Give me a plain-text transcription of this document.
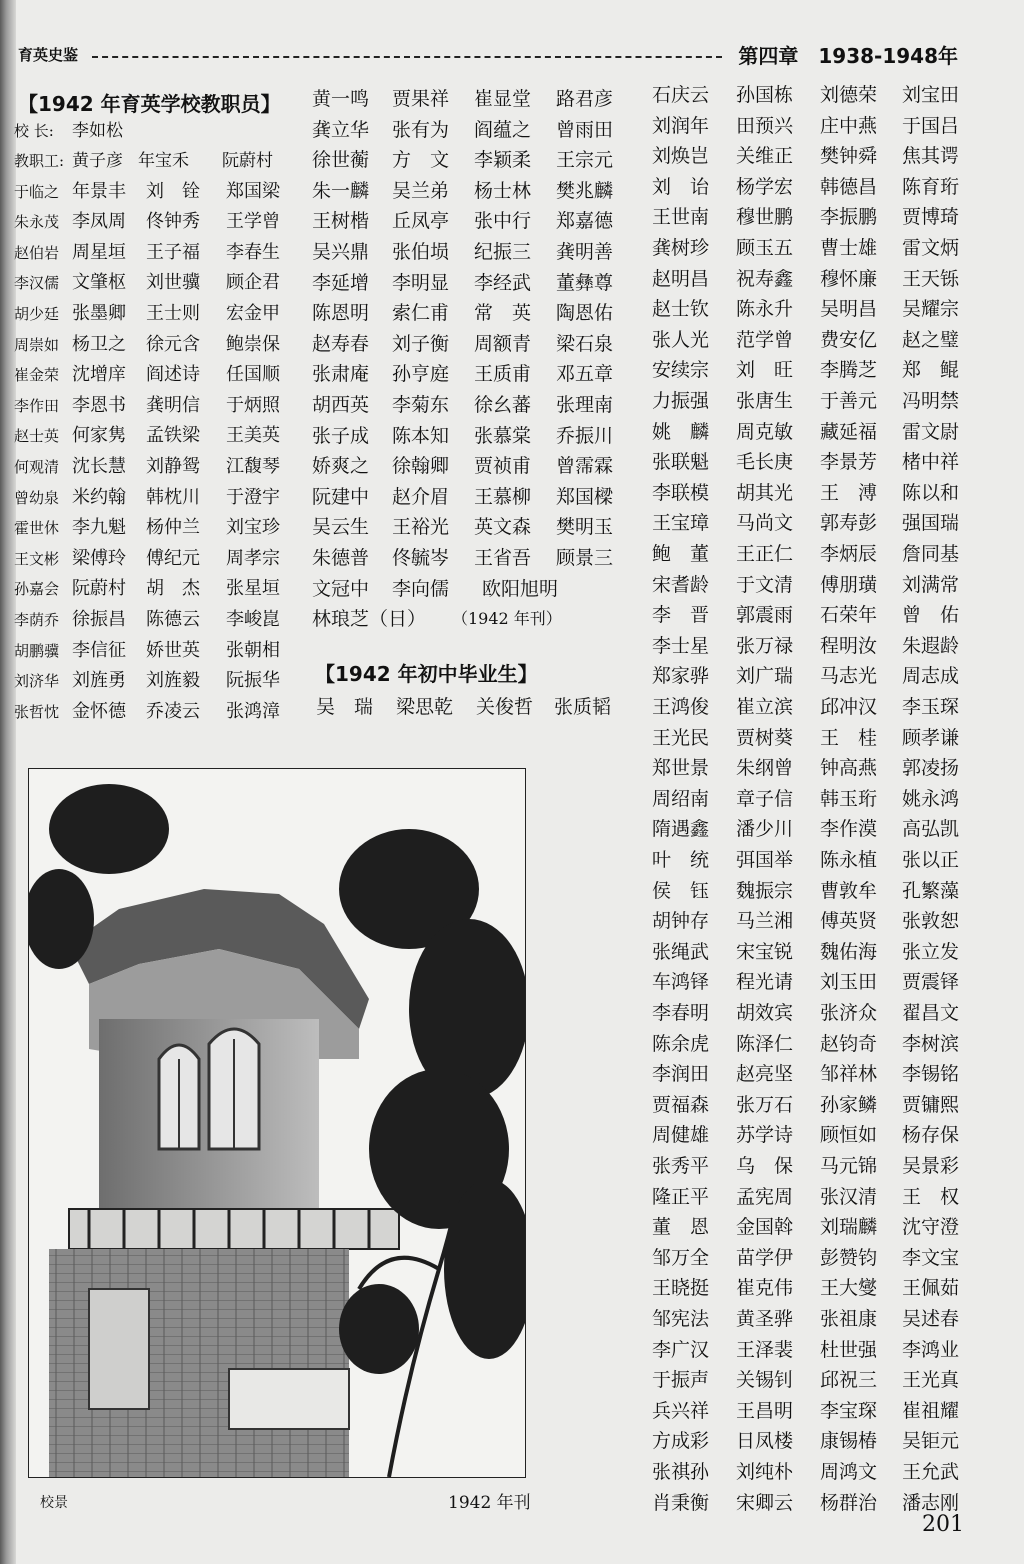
育英史鉴	第四章　1938-1948年
【1942 年育英学校教职员】
校 长: 李如松
教职工: 黄子彦 年宝禾 阮蔚村
于临之 年景丰 刘　铨 郑国梁
朱永茂 李凤周 佟钟秀 王学曾
赵伯岩 周星垣 王子福 李春生
李汉儒 文肇枢 刘世骥 顾企君
胡少廷 张墨卿 王士则 宏金甲
周崇如 杨卫之 徐元含 鲍崇保
崔金荣 沈增庠 阎述诗 任国顺
李作田 李恩书 龚明信 于炳照
赵士英 何家隽 孟铁梁 王美英
何观清 沈长慧 刘静鸳 江馥琴
曾幼泉 米约翰 韩枕川 于澄宇
霍世休 李九魁 杨仲兰 刘宝珍
王文彬 梁傅玲 傅纪元 周孝宗
孙嘉会 阮蔚村 胡　杰 张星垣
李荫乔 徐振昌 陈德云 李峻崑
胡鹏骥 李信征 娇世英 张朝相
刘济华 刘旌勇 刘旌毅 阮振华
张哲忱 金怀德 乔凌云 张鸿漳
黄一鸣 贾果祥 崔显堂 路君彦
龚立华 张有为 阎蕴之 曾雨田
徐世蘅 方　文 李颖柔 王宗元
朱一麟 吴兰弟 杨士林 樊兆麟
王树楷 丘凤亭 张中行 郑嘉德
吴兴鼎 张伯埙 纪振三 龚明善
李延增 李明显 李经武 董彝尊
陈恩明 索仁甫 常　英 陶恩佑
赵寿春 刘子衡 周额青 梁石泉
张肃庵 孙亨庭 王质甫 邓五章
胡西英 李菊东 徐幺蕃 张理南
张子成 陈本知 张慕棠 乔振川
娇爽之 徐翰卿 贾祯甫 曾霈霖
阮建中 赵介眉 王慕柳 郑国樑
吴云生 王裕光 英文森 樊明玉
朱德普 佟毓岑 王省吾 顾景三
文冠中 李向儒 欧阳旭明
林琅芝（日） （1942 年刊）
【1942 年初中毕业生】
吴　瑞 梁思乾 关俊哲 张质韬
石庆云 孙国栋 刘德荣 刘宝田
刘润年 田预兴 庄中燕 于国吕
刘焕岂 关维正 樊钟舜 焦其谔
刘　诒 杨学宏 韩德昌 陈育珩
王世南 穆世鹏 李振鹏 贾博琦
龚树珍 顾玉五 曹士雄 雷文炳
赵明昌 祝寿鑫 穆怀廉 王天铄
赵士钦 陈永升 吴明昌 吴耀宗
张人光 范学曾 费安亿 赵之璧
安续宗 刘　旺 李腾芝 郑　鲲
力振强 张唐生 于善元 冯明禁
姚　麟 周克敏 藏延福 雷文尉
张联魁 毛长庚 李景芳 楮中祥
李联模 胡其光 王　溥 陈以和
王宝璋 马尚文 郭寿彭 强国瑞
鲍　董 王正仁 李炳辰 詹同基
宋耆龄 于文清 傅朋璜 刘满常
李　晋 郭震雨 石荣年 曾　佑
李士星 张万禄 程明汝 朱遐龄
郑家骅 刘广瑞 马志光 周志成
王鸿俊 崔立滨 邱冲汉 李玉琛
王光民 贾树葵 王　桂 顾孝谦
郑世景 朱纲曾 钟高燕 郭凌扬
周绍南 章子信 韩玉珩 姚永鸿
隋遇鑫 潘少川 李作漠 高弘凯
叶　统 弭国举 陈永植 张以正
侯　钰 魏振宗 曹敦牟 孔繁藻
胡钟存 马兰湘 傅英贤 张敦恕
张绳武 宋宝锐 魏佑海 张立发
车鸿铎 程光请 刘玉田 贾震铎
李春明 胡效宾 张济众 翟昌文
陈余虎 陈泽仁 赵钧奇 李树滨
李润田 赵亮坚 邹祥林 李锡铭
贾福森 张万石 孙家鳞 贾镛熙
周健雄 苏学诗 顾恒如 杨存保
张秀平 乌　保 马元锦 吴景彩
隆正平 孟宪周 张汉清 王　权
董　恩 金国斡 刘瑞麟 沈守澄
邹万全 苗学伊 彭赞钧 李文宝
王晓挺 崔克伟 王大燮 王佩茹
邹宪法 黄圣骅 张祖康 吴述春
李广汉 王泽裴 杜世强 李鸿业
于振声 关锡钊 邱祝三 王光真
兵兴祥 王昌明 李宝琛 崔祖耀
方成彩 日凤楼 康锡椿 吴钜元
张祺孙 刘纯朴 周鸿文 王允武
肖秉衡 宋卿云 杨群治 潘志刚
校景	1942 年刊
201
